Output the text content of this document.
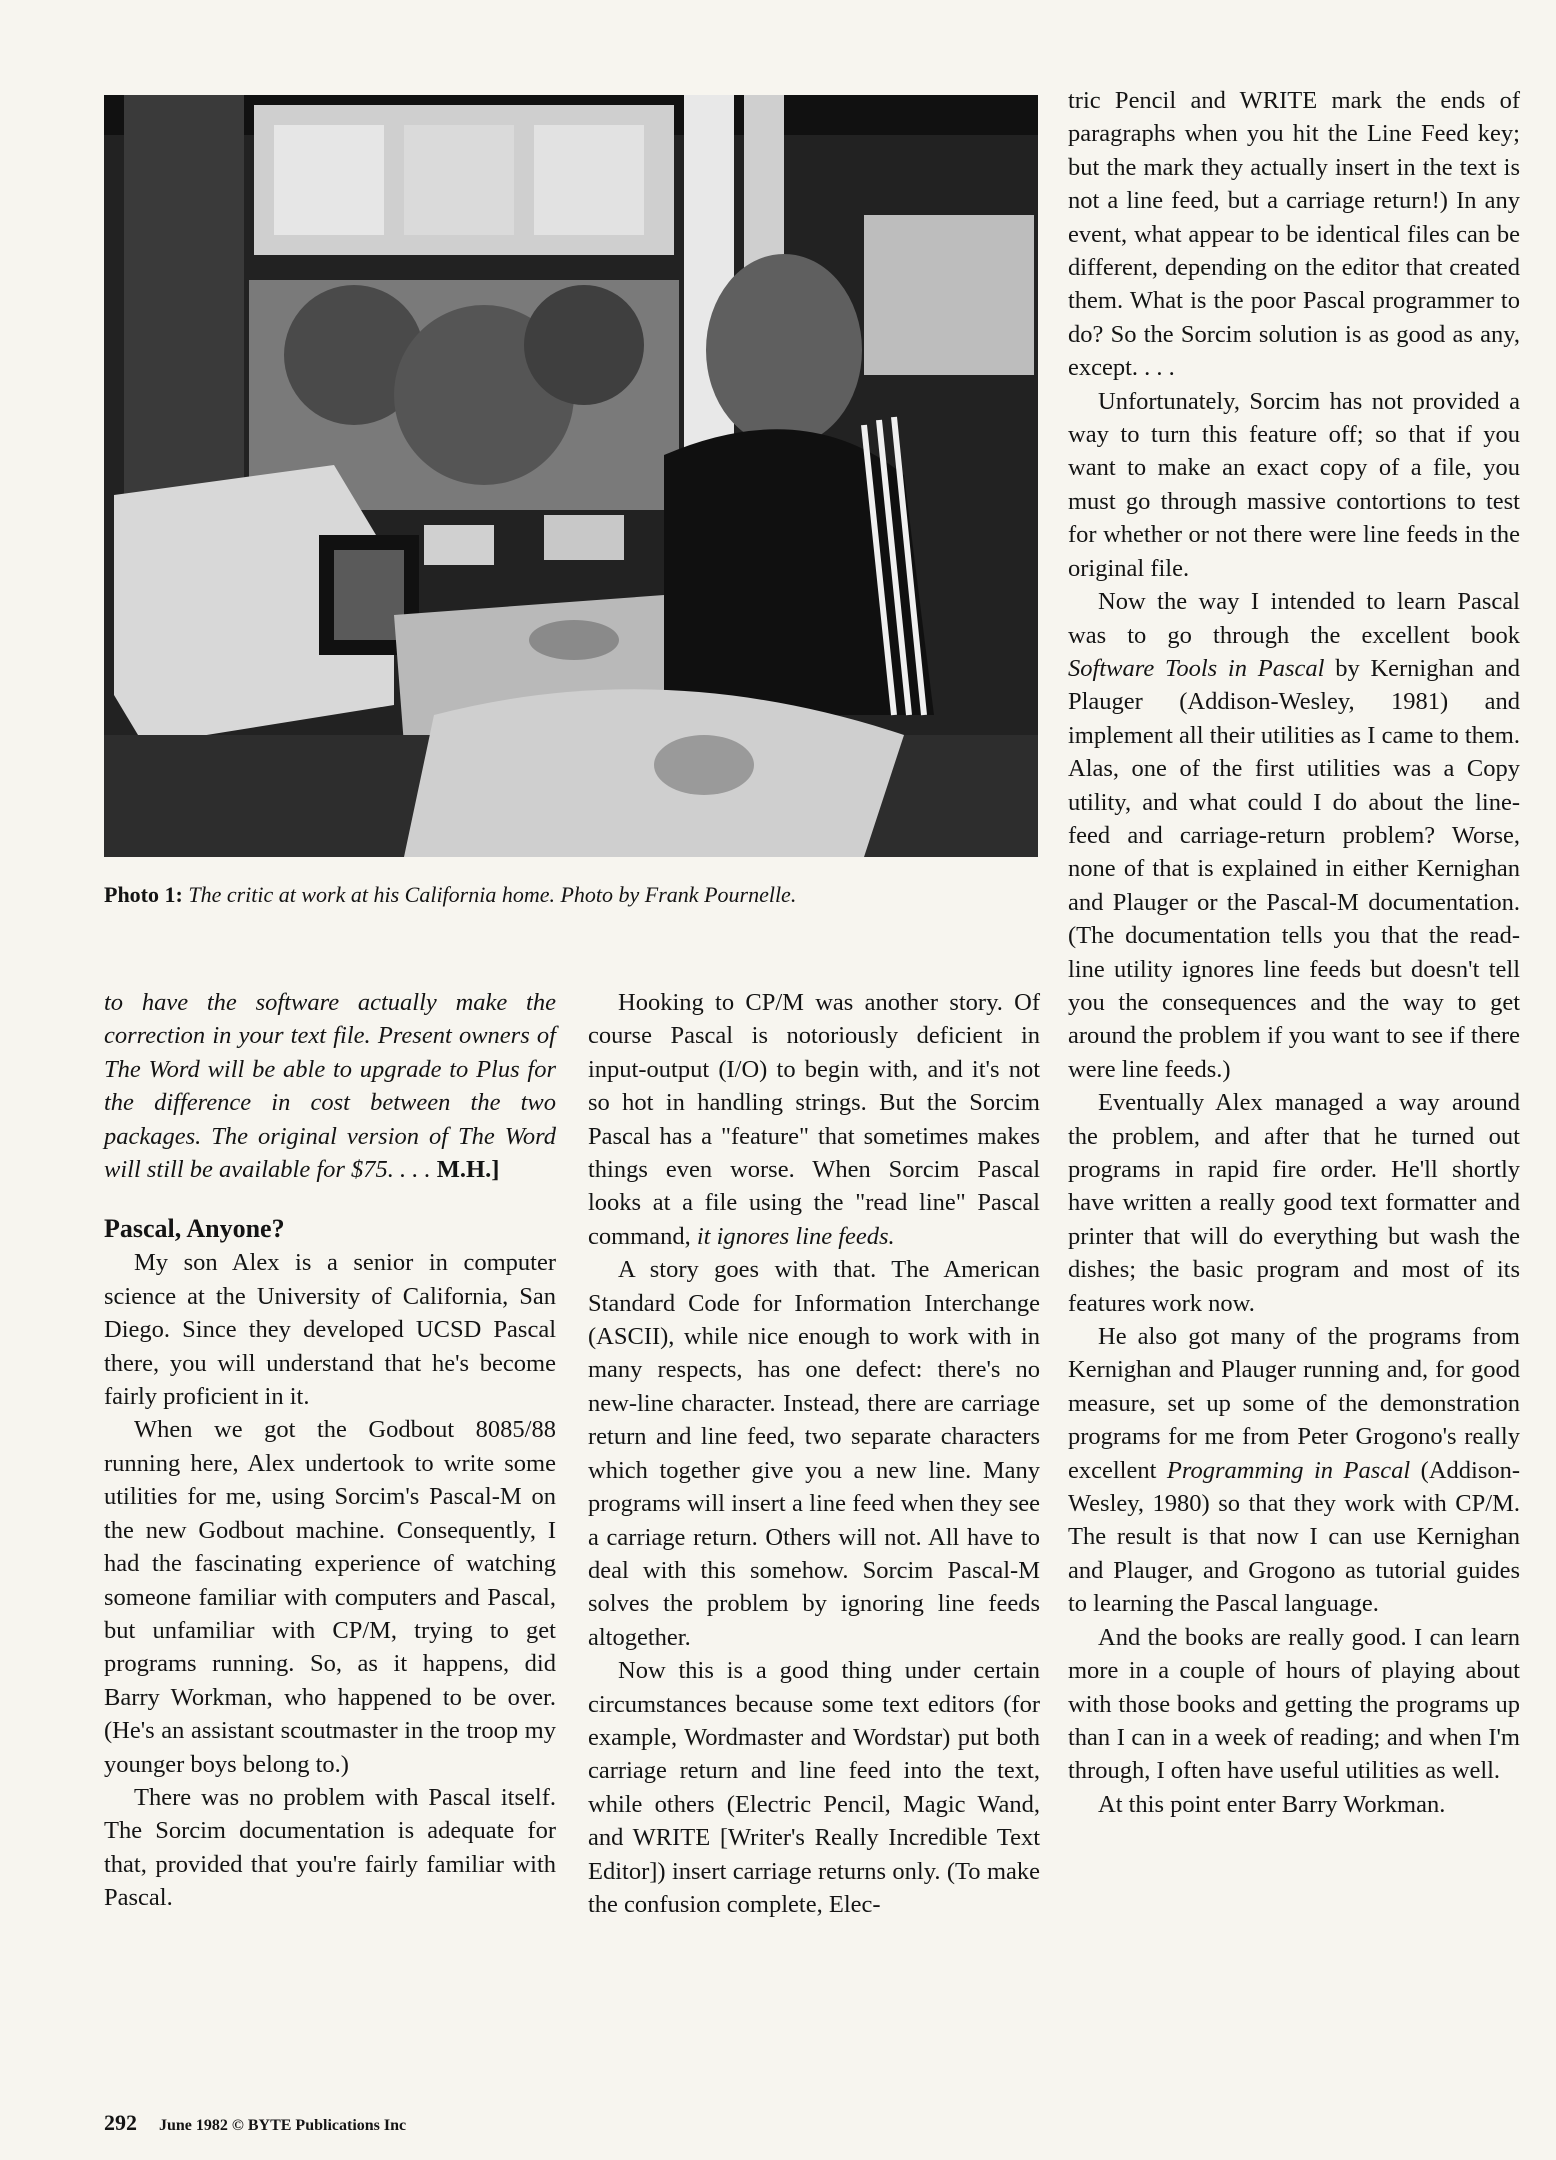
Photo 1: The critic at work at his California home. Photo by Frank Pournelle.

to have the software actually make the correction in your text file. Present owners of The Word will be able to upgrade to Plus for the difference in cost between the two packages. The original version of The Word will still be available for $75. . . . M.H.]

Pascal, Anyone?

My son Alex is a senior in computer science at the University of California, San Diego. Since they developed UCSD Pascal there, you will understand that he's become fairly proficient in it.

When we got the Godbout 8085/88 running here, Alex undertook to write some utilities for me, using Sorcim's Pascal-M on the new Godbout machine. Consequently, I had the fascinating experience of watching someone familiar with computers and Pascal, but unfamiliar with CP/M, trying to get programs running. So, as it happens, did Barry Workman, who happened to be over. (He's an assistant scoutmaster in the troop my younger boys belong to.)

There was no problem with Pascal itself. The Sorcim documentation is adequate for that, provided that you're fairly familiar with Pascal.

Hooking to CP/M was another story. Of course Pascal is notoriously deficient in input-output (I/O) to begin with, and it's not so hot in handling strings. But the Sorcim Pascal has a "feature" that sometimes makes things even worse. When Sorcim Pascal looks at a file using the "read line" Pascal command, it ignores line feeds.

A story goes with that. The American Standard Code for Information Interchange (ASCII), while nice enough to work with in many respects, has one defect: there's no new-line character. Instead, there are carriage return and line feed, two separate characters which together give you a new line. Many programs will insert a line feed when they see a carriage return. Others will not. All have to deal with this somehow. Sorcim Pascal-M solves the problem by ignoring line feeds altogether.

Now this is a good thing under certain circumstances because some text editors (for example, Wordmaster and Wordstar) put both carriage return and line feed into the text, while others (Electric Pencil, Magic Wand, and WRITE [Writer's Really Incredible Text Editor]) insert carriage returns only. (To make the confusion complete, Elec-

tric Pencil and WRITE mark the ends of paragraphs when you hit the Line Feed key; but the mark they actually insert in the text is not a line feed, but a carriage return!) In any event, what appear to be identical files can be different, depending on the editor that created them. What is the poor Pascal programmer to do? So the Sorcim solution is as good as any, except. . . .

Unfortunately, Sorcim has not provided a way to turn this feature off; so that if you want to make an exact copy of a file, you must go through massive contortions to test for whether or not there were line feeds in the original file.

Now the way I intended to learn Pascal was to go through the excellent book Software Tools in Pascal by Kernighan and Plauger (Addison-Wesley, 1981) and implement all their utilities as I came to them. Alas, one of the first utilities was a Copy utility, and what could I do about the line-feed and carriage-return problem? Worse, none of that is explained in either Kernighan and Plauger or the Pascal-M documentation. (The documentation tells you that the read-line utility ignores line feeds but doesn't tell you the consequences and the way to get around the problem if you want to see if there were line feeds.)

Eventually Alex managed a way around the problem, and after that he turned out programs in rapid fire order. He'll shortly have written a really good text formatter and printer that will do everything but wash the dishes; the basic program and most of its features work now.

He also got many of the programs from Kernighan and Plauger running and, for good measure, set up some of the demonstration programs for me from Peter Grogono's really excellent Programming in Pascal (Addison-Wesley, 1980) so that they work with CP/M. The result is that now I can use Kernighan and Plauger, and Grogono as tutorial guides to learning the Pascal language.

And the books are really good. I can learn more in a couple of hours of playing about with those books and getting the programs up than I can in a week of reading; and when I'm through, I often have useful utilities as well.

At this point enter Barry Workman.

292 June 1982 © BYTE Publications Inc
